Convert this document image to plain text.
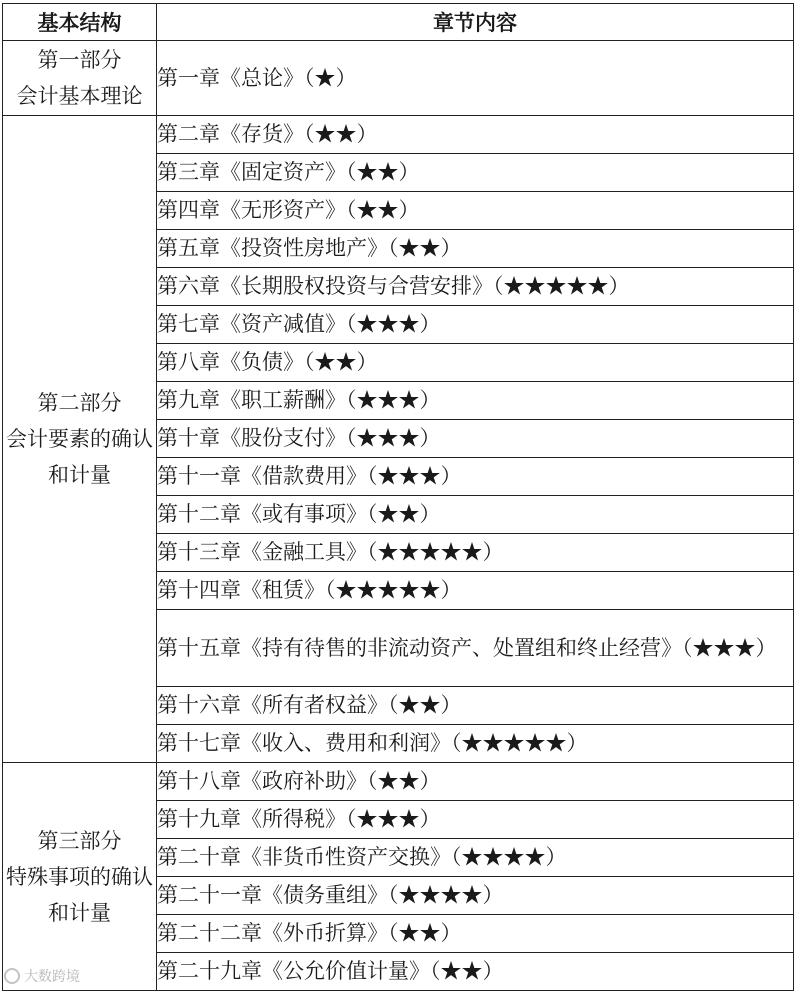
基本结构	章节内容

第一部分
会计基本理论	第一章《总论》（★）

第二部分
会计要素的确认和计量	第二章《存货》（★★）
	第三章《固定资产》（★★）
	第四章《无形资产》（★★）
	第五章《投资性房地产》（★★）
	第六章《长期股权投资与合营安排》（★★★★★）
	第七章《资产减值》（★★★）
	第八章《负债》（★★）
	第九章《职工薪酬》（★★★）
	第十章《股份支付》（★★★）
	第十一章《借款费用》（★★★）
	第十二章《或有事项》（★★）
	第十三章《金融工具》（★★★★★）
	第十四章《租赁》（★★★★★）
	第十五章《持有待售的非流动资产、处置组和终止经营》（★★★）
	第十六章《所有者权益》（★★）
	第十七章《收入、费用和利润》（★★★★★）

第三部分
特殊事项的确认和计量	第十八章《政府补助》（★★）
	第十九章《所得税》（★★★）
	第二十章《非货币性资产交换》（★★★★）
	第二十一章《债务重组》（★★★★）
	第二十二章《外币折算》（★★）
	第二十九章《公允价值计量》（★★）
大数跨境
